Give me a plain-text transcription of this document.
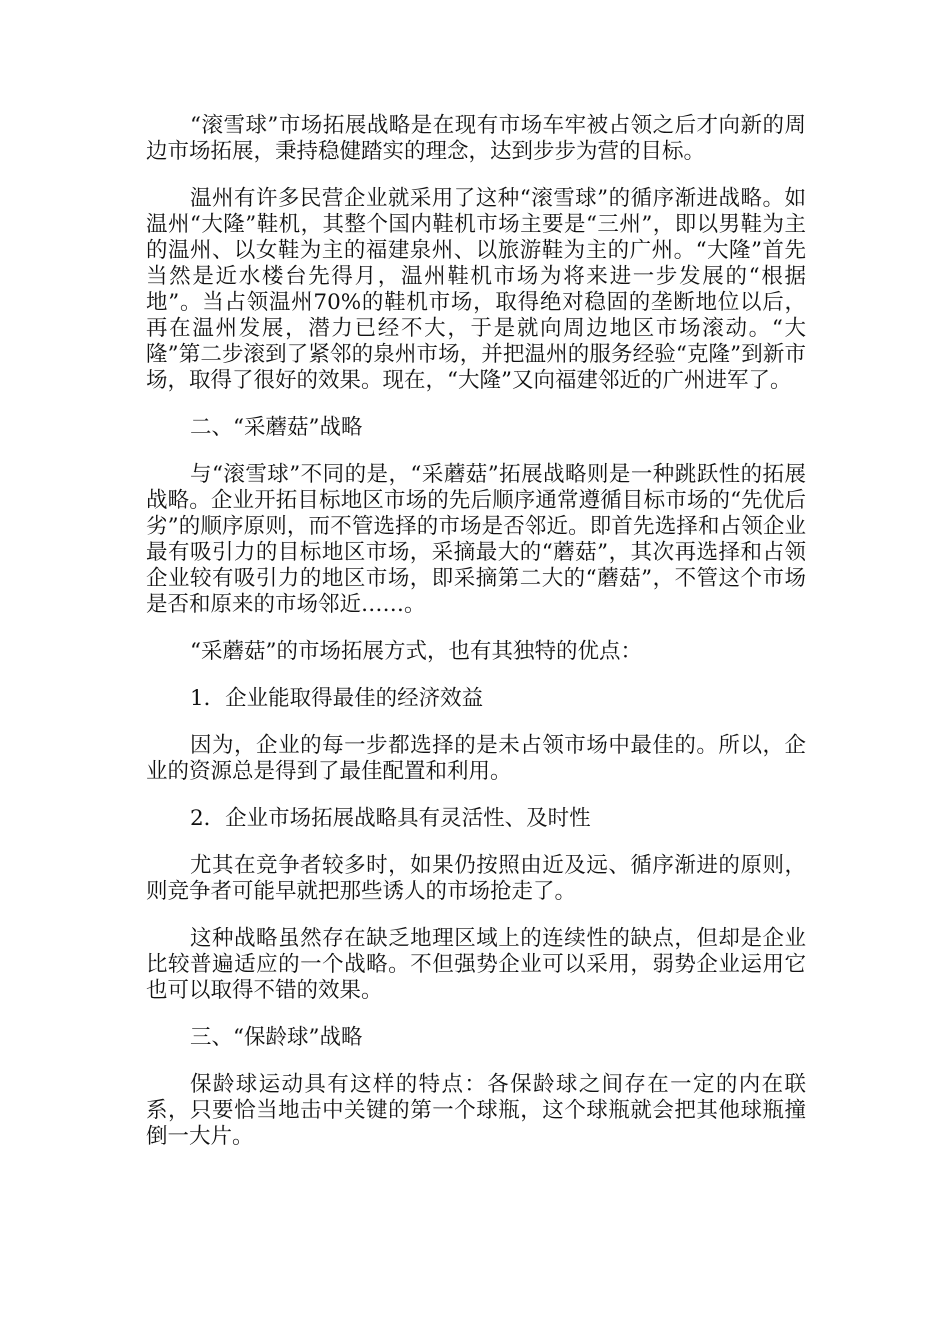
“滚雪球”市场拓展战略是在现有市场车牢被占领之后才向新的周边市场拓展，秉持稳健踏实的理念，达到步步为营的目标。

温州有许多民营企业就采用了这种“滚雪球”的循序渐进战略。如温州“大隆”鞋机，其整个国内鞋机市场主要是“三州”，即以男鞋为主的温州、以女鞋为主的福建泉州、以旅游鞋为主的广州。“大隆”首先当然是近水楼台先得月，温州鞋机市场为将来进一步发展的“根据地”。当占领温州70%的鞋机市场，取得绝对稳固的垄断地位以后，再在温州发展，潜力已经不大，于是就向周边地区市场滚动。“大隆”第二步滚到了紧邻的泉州市场，并把温州的服务经验“克隆”到新市场，取得了很好的效果。现在，“大隆”又向福建邻近的广州进军了。

二、“采蘑菇”战略

与“滚雪球”不同的是，“采蘑菇”拓展战略则是一种跳跃性的拓展战略。企业开拓目标地区市场的先后顺序通常遵循目标市场的“先优后劣”的顺序原则，而不管选择的市场是否邻近。即首先选择和占领企业最有吸引力的目标地区市场，采摘最大的“蘑菇”，其次再选择和占领企业较有吸引力的地区市场，即采摘第二大的“蘑菇”，不管这个市场是否和原来的市场邻近……。

“采蘑菇”的市场拓展方式，也有其独特的优点：

1．企业能取得最佳的经济效益

因为，企业的每一步都选择的是未占领市场中最佳的。所以，企业的资源总是得到了最佳配置和利用。

2．企业市场拓展战略具有灵活性、及时性

尤其在竞争者较多时，如果仍按照由近及远、循序渐进的原则，则竞争者可能早就把那些诱人的市场抢走了。

这种战略虽然存在缺乏地理区域上的连续性的缺点，但却是企业比较普遍适应的一个战略。不但强势企业可以采用，弱势企业运用它也可以取得不错的效果。

三、“保龄球”战略

保龄球运动具有这样的特点：各保龄球之间存在一定的内在联系，只要恰当地击中关键的第一个球瓶，这个球瓶就会把其他球瓶撞倒一大片。
